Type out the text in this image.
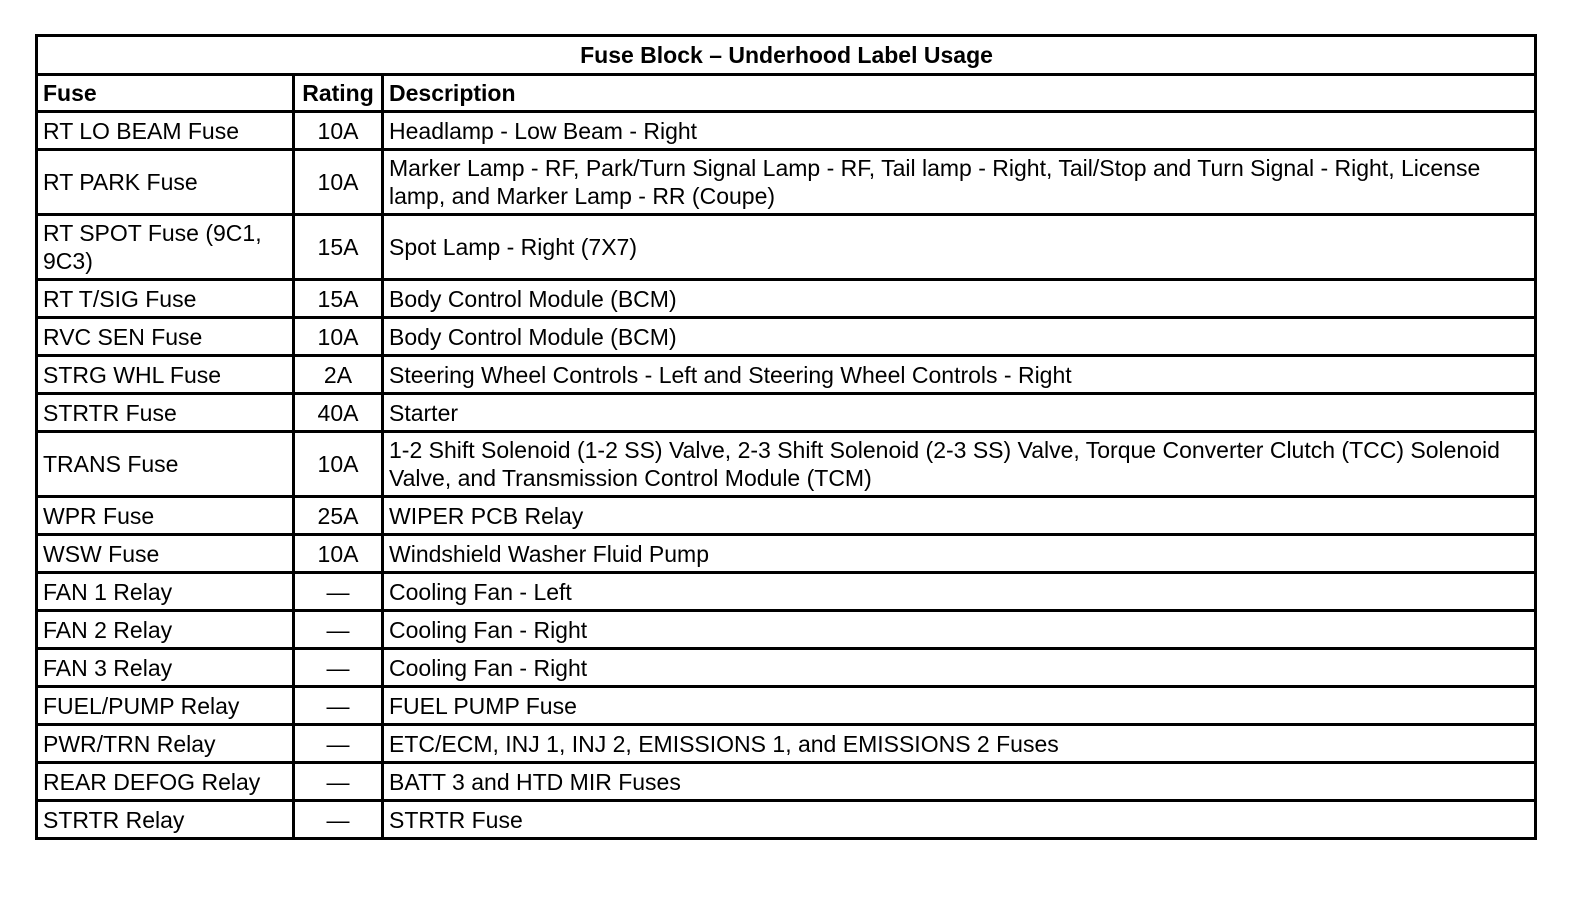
Fuse Block – Underhood Label Usage		
Fuse	Rating	Description
RT LO BEAM Fuse	10A	Headlamp - Low Beam - Right
RT PARK Fuse	10A	Marker Lamp - RF, Park/Turn Signal Lamp - RF, Tail lamp - Right, Tail/Stop and Turn Signal - Right, License lamp, and Marker Lamp - RR (Coupe)
RT SPOT Fuse (9C1, 9C3)	15A	Spot Lamp - Right (7X7)
RT T/SIG Fuse	15A	Body Control Module (BCM)
RVC SEN Fuse	10A	Body Control Module (BCM)
STRG WHL Fuse	2A	Steering Wheel Controls - Left and Steering Wheel Controls - Right
STRTR Fuse	40A	Starter
TRANS Fuse	10A	1-2 Shift Solenoid (1-2 SS) Valve, 2-3 Shift Solenoid (2-3 SS) Valve, Torque Converter Clutch (TCC) Solenoid Valve, and Transmission Control Module (TCM)
WPR Fuse	25A	WIPER PCB Relay
WSW Fuse	10A	Windshield Washer Fluid Pump
FAN 1 Relay	—	Cooling Fan - Left
FAN 2 Relay	—	Cooling Fan - Right
FAN 3 Relay	—	Cooling Fan - Right
FUEL/PUMP Relay	—	FUEL PUMP Fuse
PWR/TRN Relay	—	ETC/ECM, INJ 1, INJ 2, EMISSIONS 1, and EMISSIONS 2 Fuses
REAR DEFOG Relay	—	BATT 3 and HTD MIR Fuses
STRTR Relay	—	STRTR Fuse
